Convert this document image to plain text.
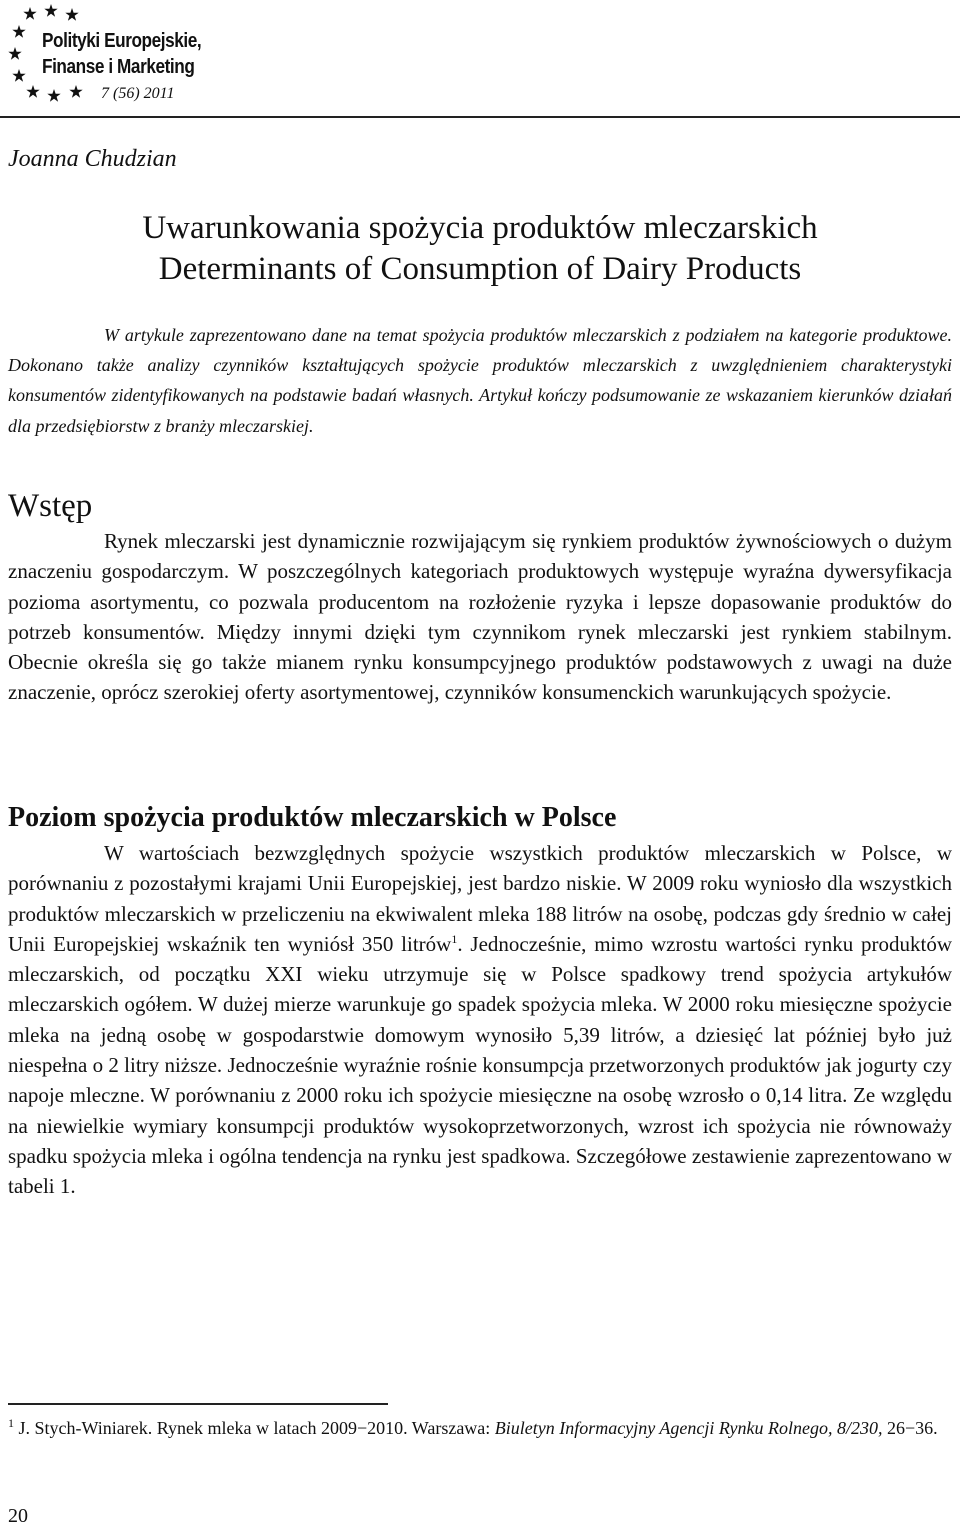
Polityki Europejskie,
Finanse i Marketing
7 (56) 2011
Joanna Chudzian
Uwarunkowania spożycia produktów mleczarskich
Determinants of Consumption of Dairy Products
W artykule zaprezentowano dane na temat spożycia produktów mleczarskich z podziałem na kategorie produktowe. Dokonano także analizy czynników kształtujących spożycie produktów mleczarskich z uwzględnieniem charakterystyki konsumentów zidentyfikowanych na podstawie badań własnych. Artykuł kończy podsumowanie ze wskazaniem kierunków działań dla przedsiębiorstw z branży mleczarskiej.
Wstęp
Rynek mleczarski jest dynamicznie rozwijającym się rynkiem produktów żywnościowych o dużym znaczeniu gospodarczym. W poszczególnych kategoriach produktowych występuje wyraźna dywersyfikacja pozioma asortymentu, co pozwala producentom na rozłożenie ryzyka i lepsze dopasowanie produktów do potrzeb konsumentów. Między innymi dzięki tym czynnikom rynek mleczarski jest rynkiem stabilnym. Obecnie określa się go także mianem rynku konsumpcyjnego produktów podstawowych z uwagi na duże znaczenie, oprócz szerokiej oferty asortymentowej, czynników konsumenckich warunkujących spożycie.
Poziom spożycia produktów mleczarskich w Polsce
W wartościach bezwzględnych spożycie wszystkich produktów mleczarskich w Polsce, w porównaniu z pozostałymi krajami Unii Europejskiej, jest bardzo niskie. W 2009 roku wyniosło dla wszystkich produktów mleczarskich w przeliczeniu na ekwiwalent mleka 188 litrów na osobę, podczas gdy średnio w całej Unii Europejskiej wskaźnik ten wyniósł 350 litrów$^1$. Jednocześnie, mimo wzrostu wartości rynku produktów mleczarskich, od początku XXI wieku utrzymuje się w Polsce spadkowy trend spożycia artykułów mleczarskich ogółem. W dużej mierze warunkuje go spadek spożycia mleka. W 2000 roku miesięczne spożycie mleka na jedną osobę w gospodarstwie domowym wynosiło 5,39 litrów, a dziesięć lat później było już niespełna o 2 litry niższe. Jednocześnie wyraźnie rośnie konsumpcja przetworzonych produktów jak jogurty czy napoje mleczne. W porównaniu z 2000 roku ich spożycie miesięczne na osobę wzrosło o 0,14 litra. Ze względu na niewielkie wymiary konsumpcji produktów wysokoprzetworzonych, wzrost ich spożycia nie równoważy spadku spożycia mleka i ogólna tendencja na rynku jest spadkowa. Szczegółowe zestawienie zaprezentowano w tabeli 1.
$^1$ J. Stych-Winiarek. Rynek mleka w latach 2009−2010. Warszawa: Biuletyn Informacyjny Agencji Rynku Rolnego, 8/230, 26−36.
20
